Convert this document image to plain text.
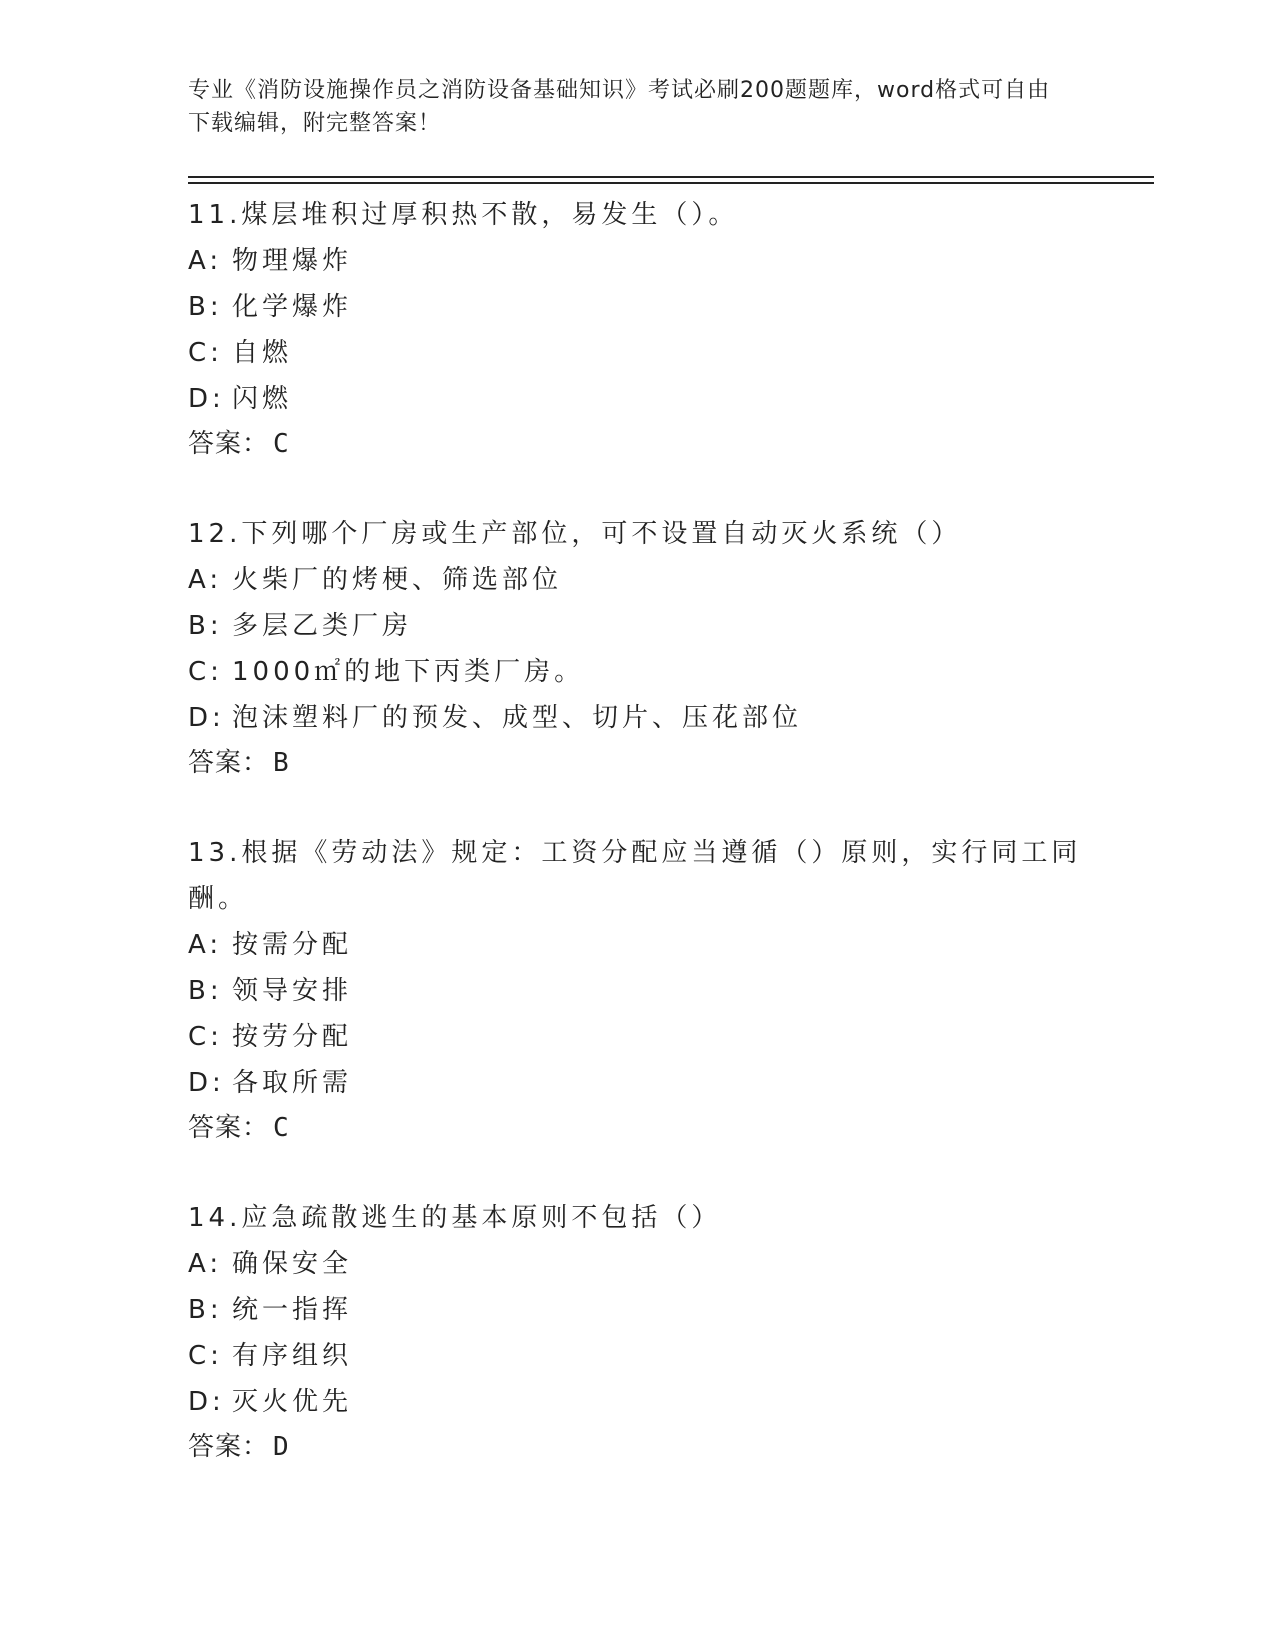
专业《消防设施操作员之消防设备基础知识》考试必刷200题题库，word格式可自由下载编辑，附完整答案！
11.煤层堆积过厚积热不散，易发生（）。
A: 物理爆炸
B: 化学爆炸
C: 自燃
D: 闪燃
答案： C
12.下列哪个厂房或生产部位，可不设置自动灭火系统（）
A: 火柴厂的烤梗、筛选部位
B: 多层乙类厂房
C: 1000㎡的地下丙类厂房。
D: 泡沫塑料厂的预发、成型、切片、压花部位
答案： B
13.根据《劳动法》规定：工资分配应当遵循（）原则，实行同工同酬。
A: 按需分配
B: 领导安排
C: 按劳分配
D: 各取所需
答案： C
14.应急疏散逃生的基本原则不包括（）
A: 确保安全
B: 统一指挥
C: 有序组织
D: 灭火优先
答案： D
